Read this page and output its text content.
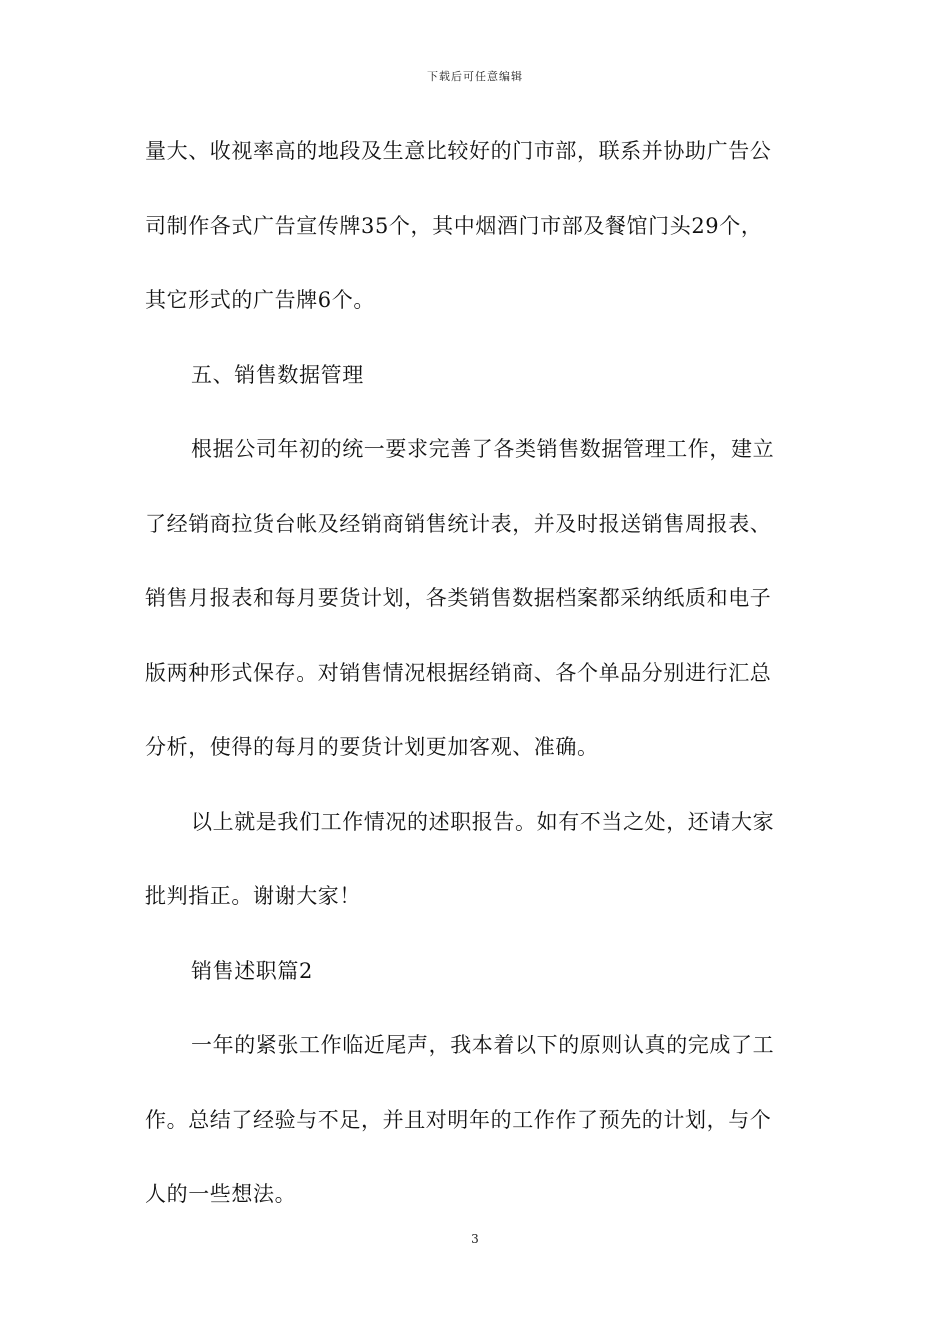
下载后可任意编辑
量大、收视率高的地段及生意比较好的门市部，联系并协助广告公
司制作各式广告宣传牌35个，其中烟酒门市部及餐馆门头29个，
其它形式的广告牌6个。
五、销售数据管理
根据公司年初的统一要求完善了各类销售数据管理工作，建立
了经销商拉货台帐及经销商销售统计表，并及时报送销售周报表、
销售月报表和每月要货计划，各类销售数据档案都采纳纸质和电子
版两种形式保存。对销售情况根据经销商、各个单品分别进行汇总
分析，使得的每月的要货计划更加客观、准确。
以上就是我们工作情况的述职报告。如有不当之处，还请大家
批判指正。谢谢大家！
销售述职篇2
一年的紧张工作临近尾声，我本着以下的原则认真的完成了工
作。总结了经验与不足，并且对明年的工作作了预先的计划，与个
人的一些想法。
3
